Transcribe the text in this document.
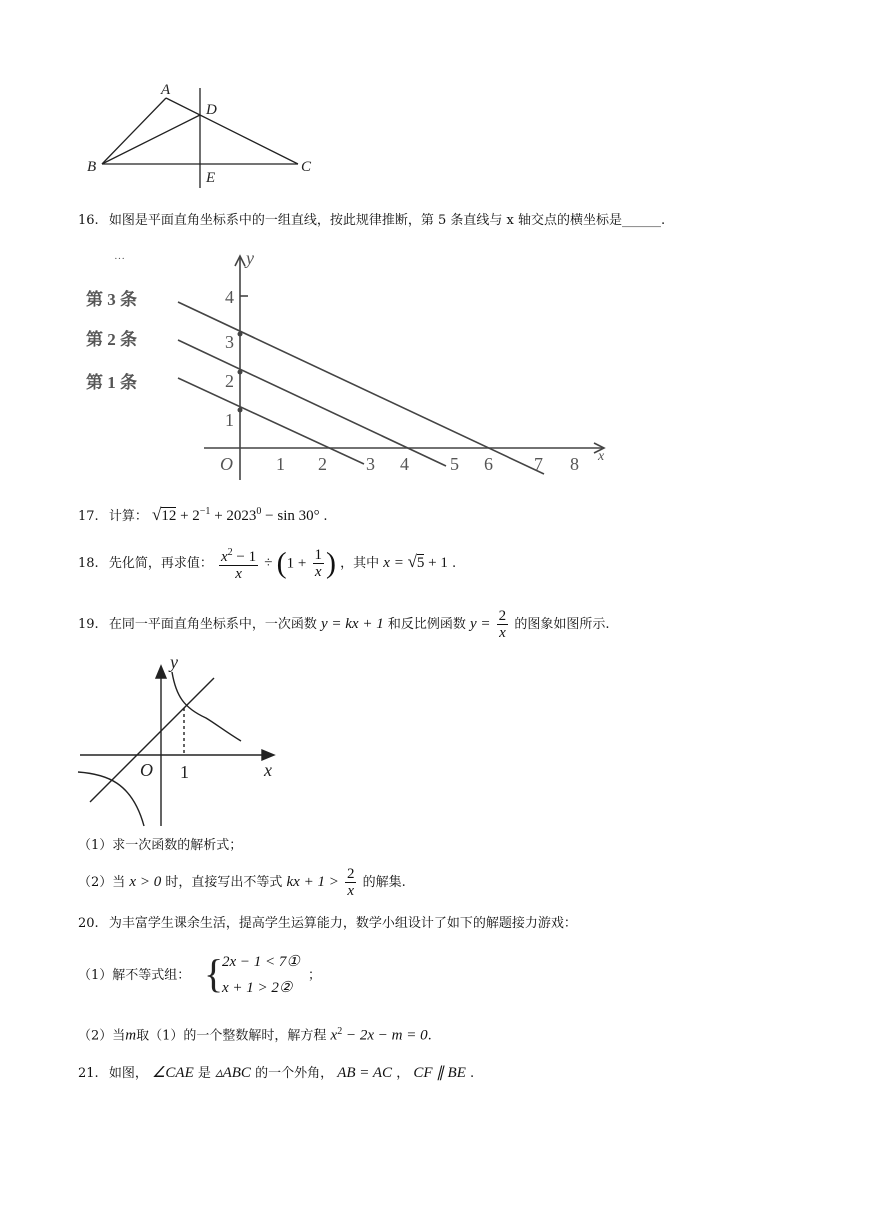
A
D
B	C
E
16. 如图是平面直角坐标系中的一组直线，按此规律推断，第 5 条直线与 x 轴交点的横坐标是______.
···
第 3 条
第 2 条
第 1 条
y
x
O
1
2
3
4
1 2 3 4 5 6 7 8
17. 计算： $√12 + 2^{-1} + 2023^0 - \sin 30^\circ$ .
18. 先化简，再求值： $\frac{x^2 - 1}{x} \div (1 + \frac{1}{x}$ ) ，其中 x = √5 + 1 .
19. 在同一平面直角坐标系中，一次函数 y = kx + 1 和反比例函数 $y = \frac{2}{x}$ 的图象如图所示.
y
x
O 1
（1）求一次函数的解析式；
（2）当 x > 0 时，直接写出不等式 kx + $1 > \frac{2}{x}$ 的解集.
20. 为丰富学生课余生活，提高学生运算能力，数学小组设计了如下的解题接力游戏：
（1）解不等式组： {
2x − 1 < 7①
x + 1 > 2②
；
（2）当m取（1）的一个整数解时，解方程 $x^2 - 2x - m = 0$.
21. 如图， ∠CAE 是 ▵ABC 的一个外角， AB = AC ， CF ∥ BE .
